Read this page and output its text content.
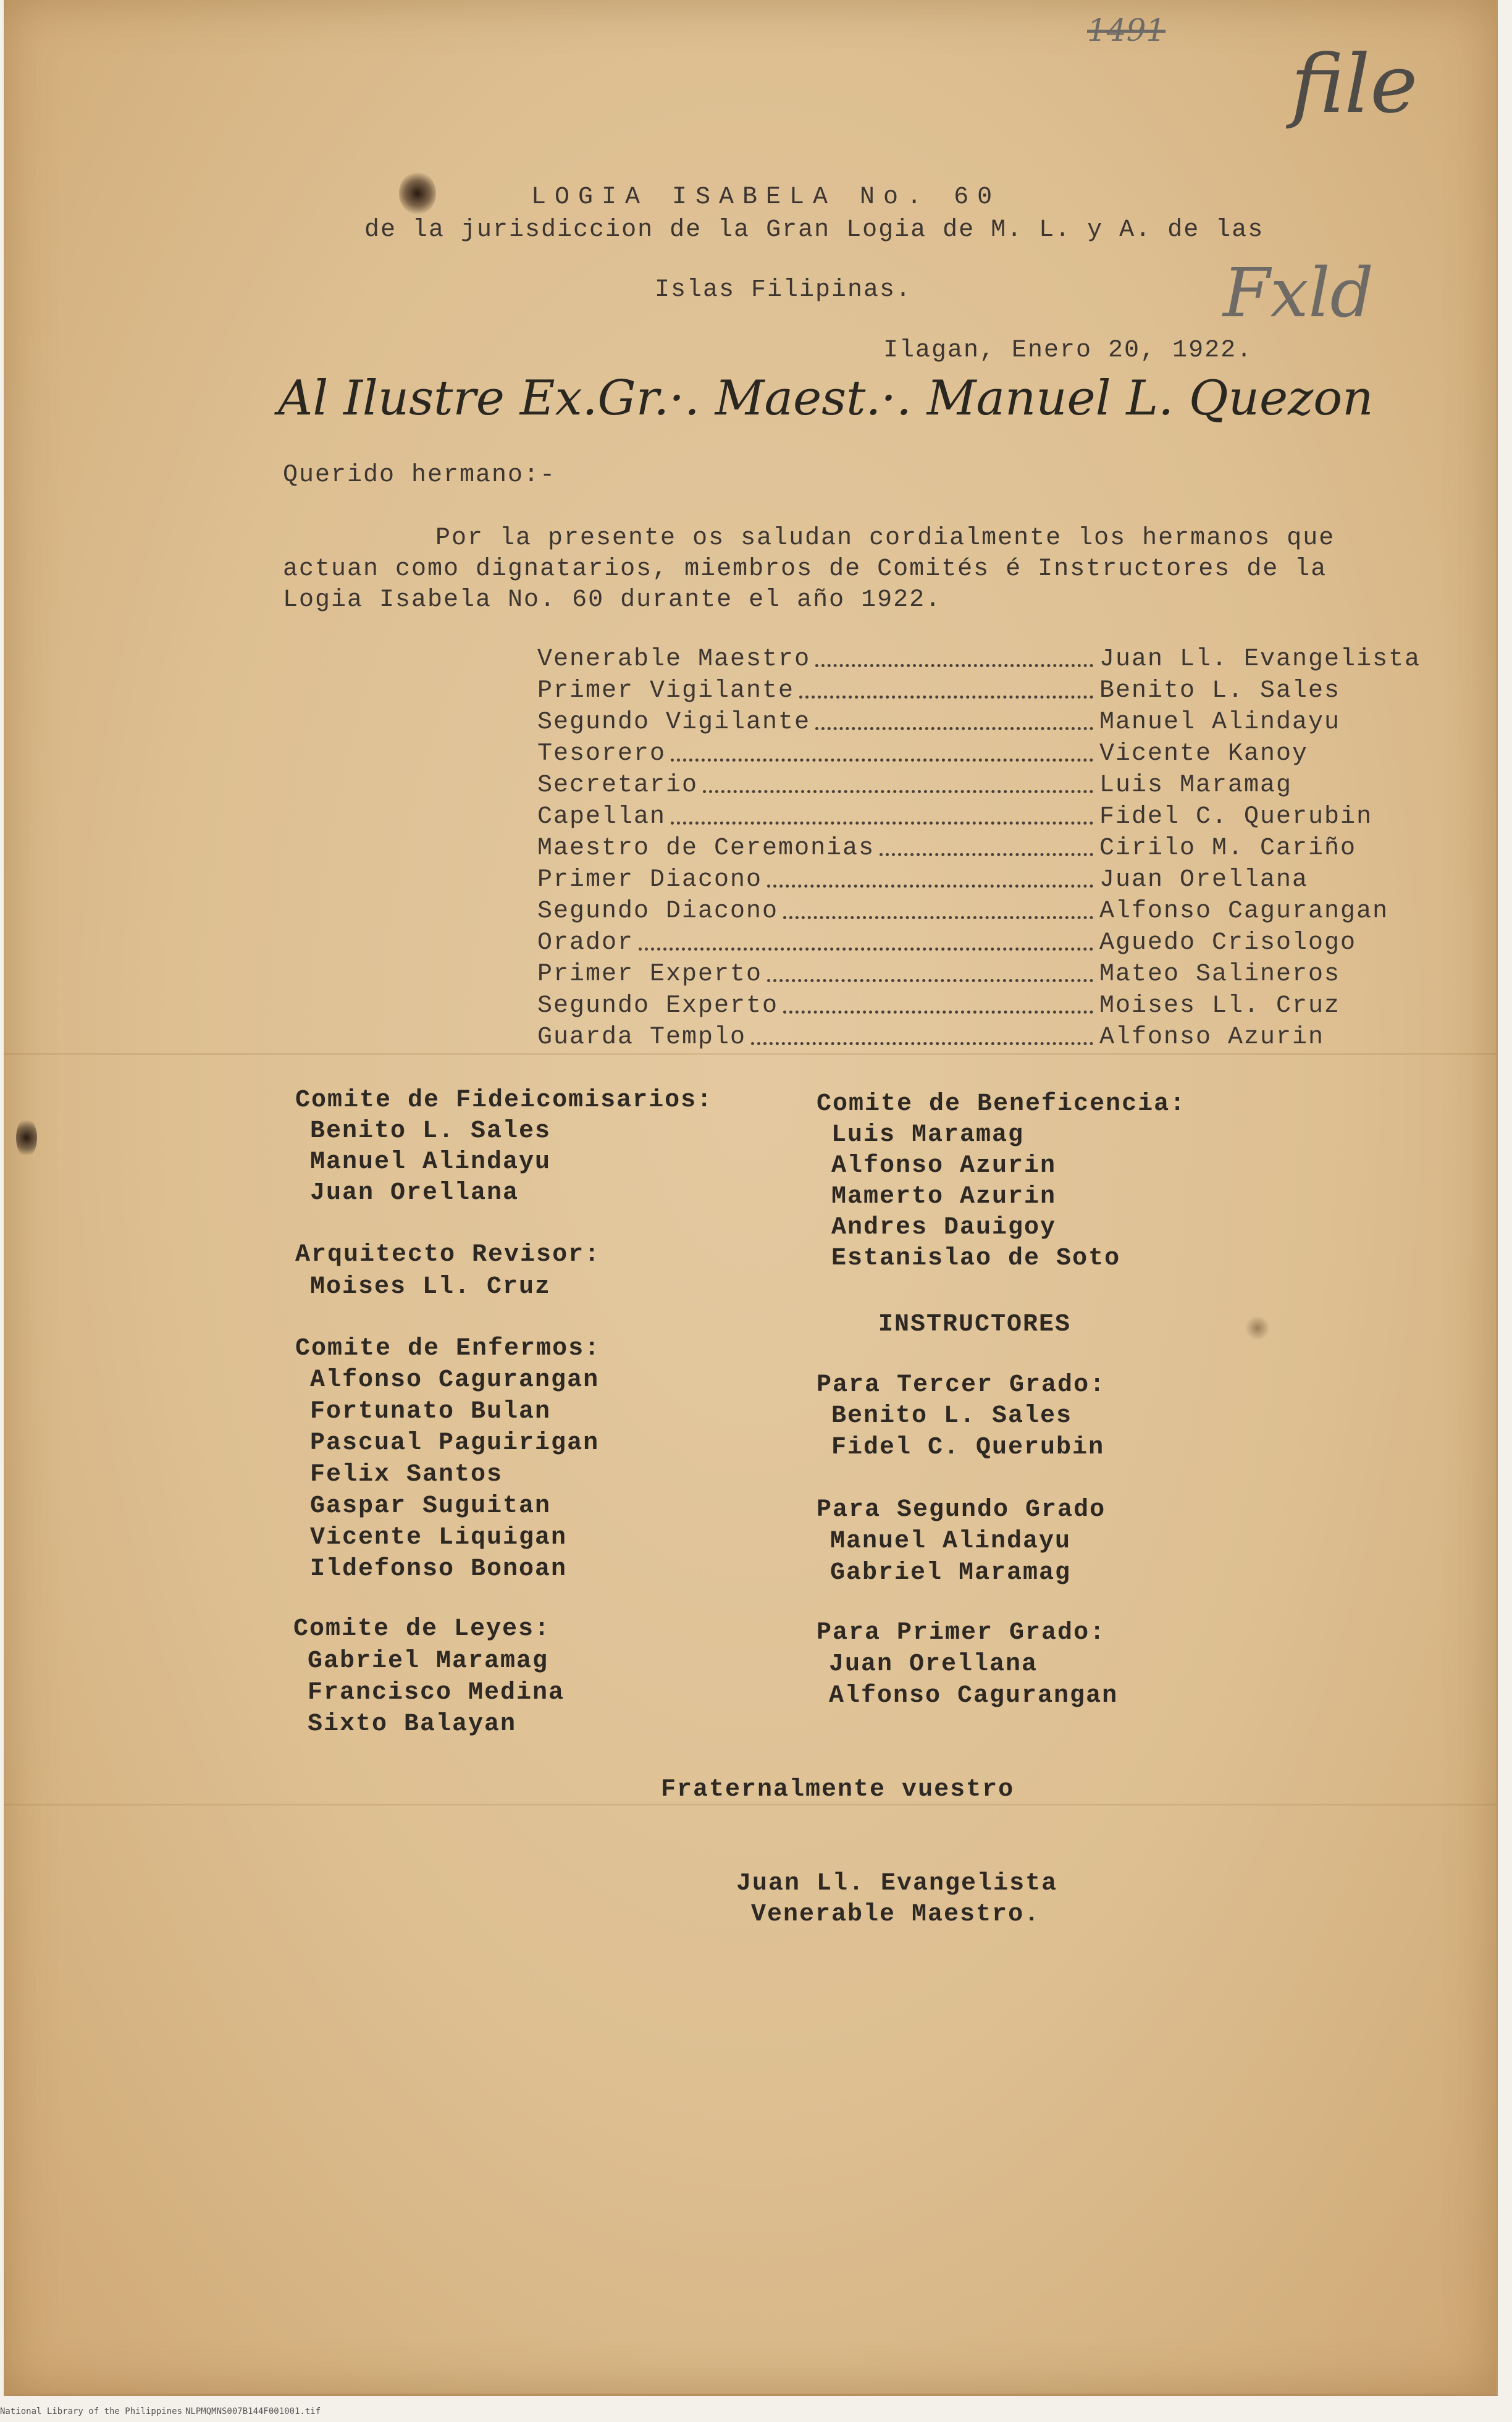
1491
file
Fxld
LOGIA ISABELA No. 60
de la jurisdiccion de la Gran Logia de M. L. y A. de las
Islas Filipinas.
Ilagan, Enero 20, 1922.
Al Ilustre Ex.Gr.·. Maest.·. Manuel L. Quezon
Querido hermano:-
Por la presente os saludan cordialmente los hermanos que
actuan como dignatarios, miembros de Comités é Instructores de la
Logia Isabela No. 60 durante el año 1922.
Venerable Maestro	Juan Ll. Evangelista
Primer Vigilante	Benito L. Sales
Segundo Vigilante	Manuel Alindayu
Tesorero	Vicente Kanoy
Secretario	Luis Maramag
Capellan	Fidel C. Querubin
Maestro de Ceremonias	Cirilo M. Cariño
Primer Diacono	Juan Orellana
Segundo Diacono	Alfonso Cagurangan
Orador	Aguedo Crisologo
Primer Experto	Mateo Salineros
Segundo Experto	Moises Ll. Cruz
Guarda Templo	Alfonso Azurin
Comite de Fideicomisarios:
Benito L. Sales
Manuel Alindayu
Juan Orellana
Arquitecto Revisor:
Moises Ll. Cruz
Comite de Enfermos:
Alfonso Cagurangan
Fortunato Bulan
Pascual Paguirigan
Felix Santos
Gaspar Suguitan
Vicente Liquigan
Ildefonso Bonoan
Comite de Leyes:
Gabriel Maramag
Francisco Medina
Sixto Balayan
Comite de Beneficencia:
Luis Maramag
Alfonso Azurin
Mamerto Azurin
Andres Dauigoy
Estanislao de Soto
INSTRUCTORES
Para Tercer Grado:
Benito L. Sales
Fidel C. Querubin
Para Segundo Grado
Manuel Alindayu
Gabriel Maramag
Para Primer Grado:
Juan Orellana
Alfonso Cagurangan
Fraternalmente vuestro
Juan Ll. Evangelista
Venerable Maestro.
National Library of the Philippines NLPMQMNS007B144F001001.tif
